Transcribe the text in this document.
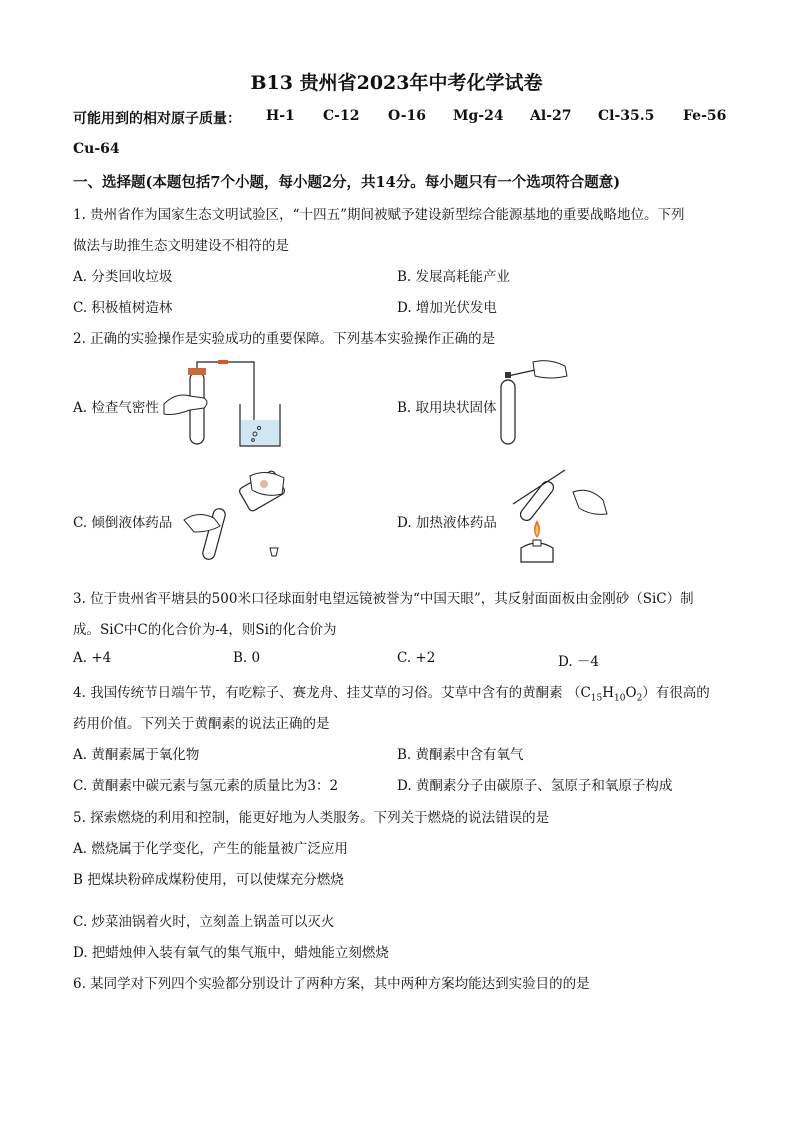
B13 贵州省2023年中考化学试卷
可能用到的相对原子质量： H-1 C-12 O-16 Mg-24 Al-27 Cl-35.5 Fe-56
Cu-64
一、选择题(本题包括7个小题，每小题2分，共14分。每小题只有一个选项符合题意)
1. 贵州省作为国家生态文明试验区，“十四五”期间被赋予建设新型综合能源基地的重要战略地位。下列
做法与助推生态文明建设不相符的是
A. 分类回收垃圾	B. 发展高耗能产业
C. 积极植树造林	D. 增加光伏发电
2. 正确的实验操作是实验成功的重要保障。下列基本实验操作正确的是
A. 检查气密性	B. 取用块状固体
C. 倾倒液体药品	D. 加热液体药品
3. 位于贵州省平塘县的500米口径球面射电望远镜被誉为“中国天眼”，其反射面面板由金刚砂（SiC）制
成。SiC中C的化合价为-4，则Si的化合价为
A. +4	B. 0	C. +2	D. －4
4. 我国传统节日端午节，有吃粽子、赛龙舟、挂艾草的习俗。艾草中含有的黄酮素 $(C_{15}H_{10}O_2)$有很高的
药用价值。下列关于黄酮素的说法正确的是
A. 黄酮素属于氧化物	B. 黄酮素中含有氧气
C. 黄酮素中碳元素与氢元素的质量比为3：2	D. 黄酮素分子由碳原子、氢原子和氧原子构成
5. 探索燃烧的利用和控制，能更好地为人类服务。下列关于燃烧的说法错误的是
A. 燃烧属于化学变化，产生的能量被广泛应用
B 把煤块粉碎成煤粉使用，可以使煤充分燃烧
C. 炒菜油锅着火时，立刻盖上锅盖可以灭火
D. 把蜡烛伸入装有氧气的集气瓶中，蜡烛能立刻燃烧
6. 某同学对下列四个实验都分别设计了两种方案，其中两种方案均能达到实验目的的是
